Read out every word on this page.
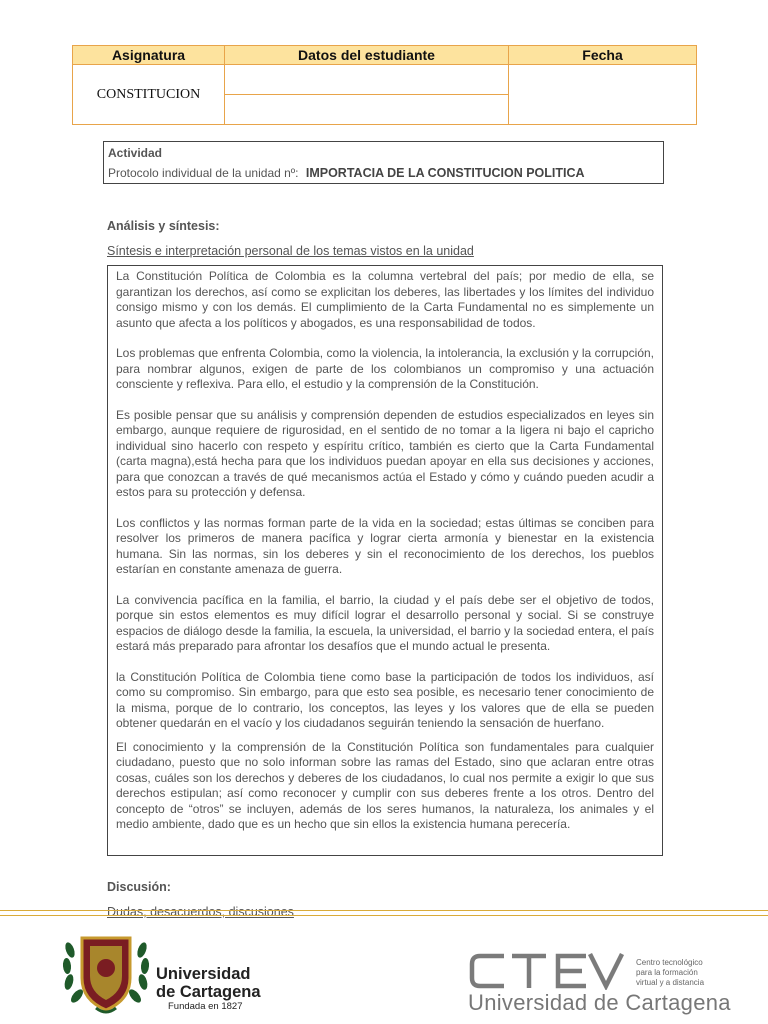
Asignatura	Datos del estudiante	Fecha
CONSTITUCION		

Actividad
Protocolo individual de la unidad nº: IMPORTACIA DE LA CONSTITUCION POLITICA
Análisis y síntesis:
Síntesis e interpretación personal de los temas vistos en la unidad

La Constitución Política de Colombia es la columna vertebral del país; por medio de ella, se garantizan los derechos, así como se explicitan los deberes, las libertades y los límites del individuo consigo mismo y con los demás. El cumplimiento de la Carta Fundamental no es simplemente un asunto que afecta a los políticos y abogados, es una responsabilidad de todos.

Los problemas que enfrenta Colombia, como la violencia, la intolerancia, la exclusión y la corrupción, para nombrar algunos, exigen de parte de los colombianos un compromiso y una actuación consciente y reflexiva. Para ello, el estudio y la comprensión de la Constitución.

Es posible pensar que su análisis y comprensión dependen de estudios especializados en leyes sin embargo, aunque requiere de rigurosidad, en el sentido de no tomar a la ligera ni bajo el capricho individual sino hacerlo con respeto y espíritu crítico, también es cierto que la Carta Fundamental (carta magna),está hecha para que los individuos puedan apoyar en ella sus decisiones y acciones, para que conozcan a través de qué mecanismos actúa el Estado y cómo y cuándo pueden acudir a estos para su protección y defensa.

Los conflictos y las normas forman parte de la vida en la sociedad; estas últimas se conciben para resolver los primeros de manera pacífica y lograr cierta armonía y bienestar en la existencia humana. Sin las normas, sin los deberes y sin el reconocimiento de los derechos, los pueblos estarían en constante amenaza de guerra.

La convivencia pacífica en la familia, el barrio, la ciudad y el país debe ser el objetivo de todos, porque sin estos elementos es muy difícil lograr el desarrollo personal y social. Si se construye espacios de diálogo desde la familia, la escuela, la universidad, el barrio y la sociedad entera, el país estará más preparado para afrontar los desafíos que el mundo actual le presenta.

la Constitución Política de Colombia tiene como base la participación de todos los individuos, así como su compromiso. Sin embargo, para que esto sea posible, es necesario tener conocimiento de la misma, porque de lo contrario, los conceptos, las leyes y los valores que de ella se pueden obtener quedarán en el vacío y los ciudadanos seguirán teniendo la sensación de huerfano.

El conocimiento y la comprensión de la Constitución Política son fundamentales para cualquier ciudadano, puesto que no solo informan sobre las ramas del Estado, sino que aclaran entre otras cosas, cuáles son los derechos y deberes de los ciudadanos, lo cual nos permite a exigir lo que sus derechos estipulan; así como reconocer y cumplir con sus deberes frente a los otros. Dentro del concepto de “otros” se incluyen, además de los seres humanos, la naturaleza, los animales y el medio ambiente, dado que es un hecho que sin ellos la existencia humana perecería.

Discusión:
Dudas, desacuerdos, discusiones
Universidad
de Cartagena
Fundada en 1827
Centro tecnológico
para la formación
virtual y a distancia
Universidad de Cartagena
